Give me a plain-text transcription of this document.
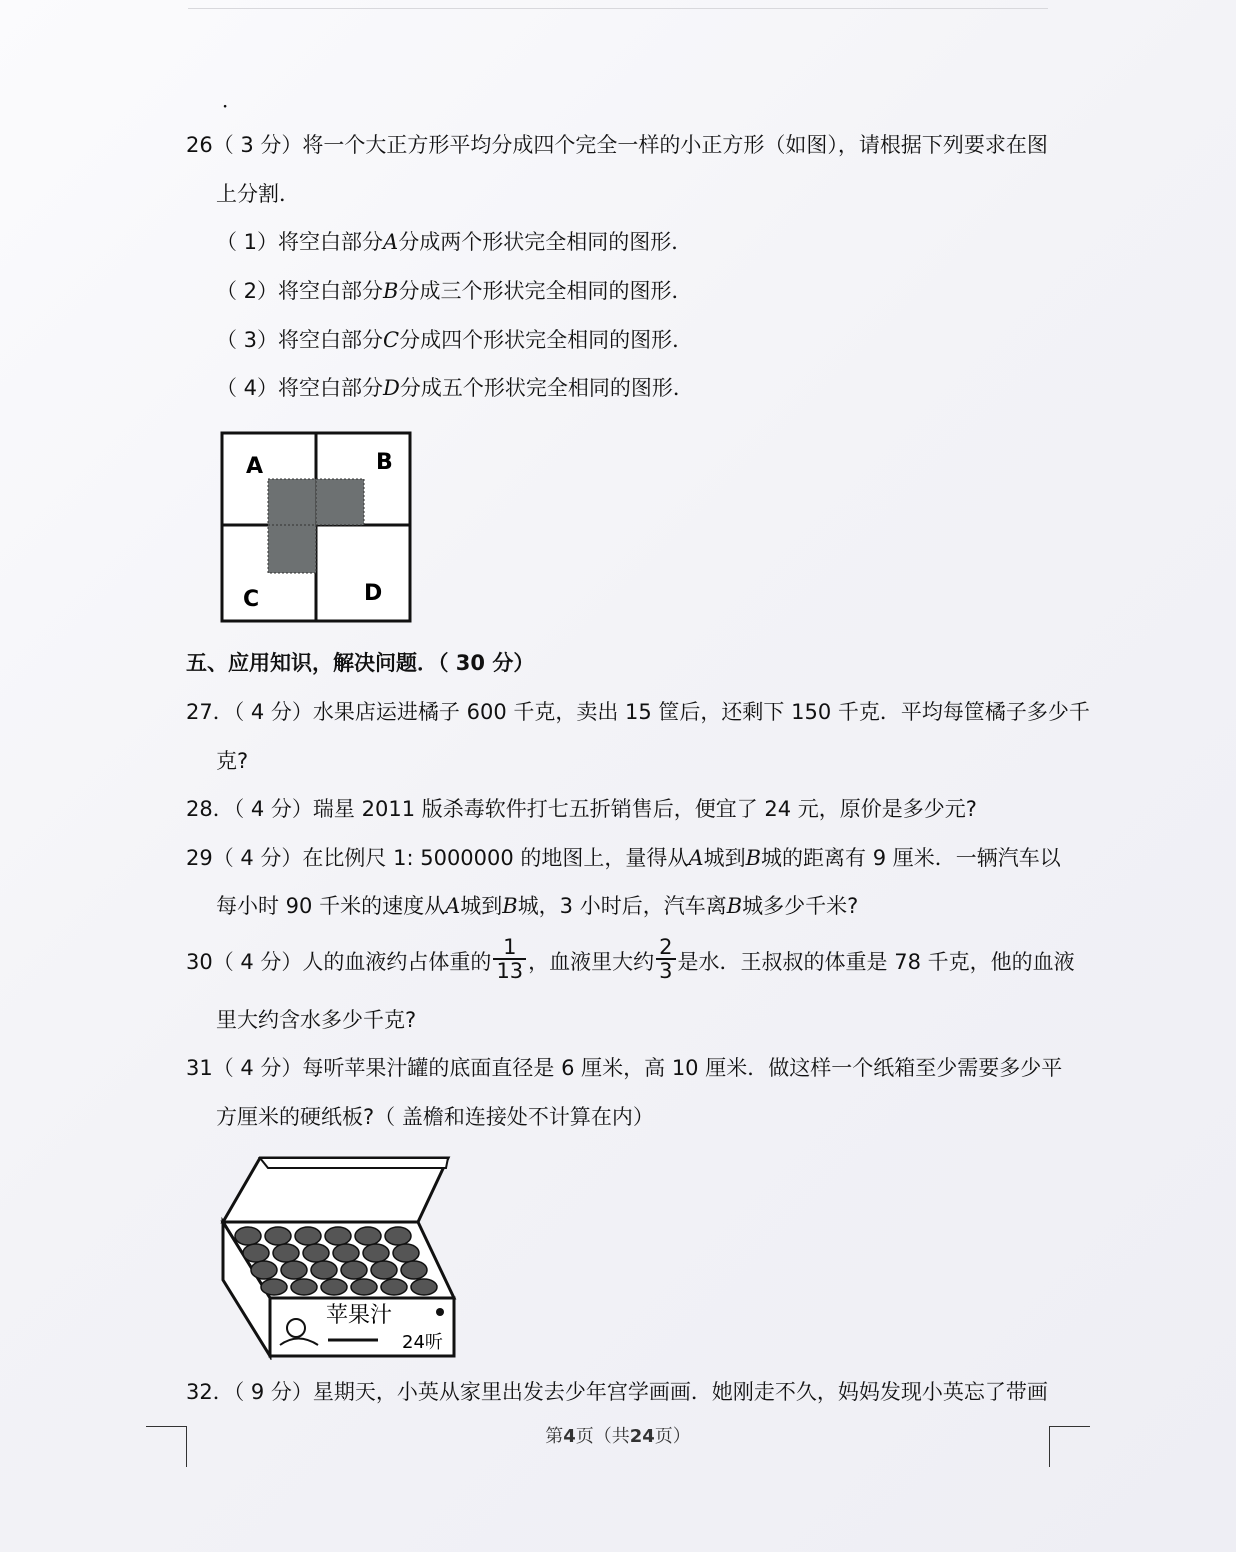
．
26（ 3 分）将一个大正方形平均分成四个完全一样的小正方形（如图），请根据下列要求在图
上分割．
（ 1）将空白部分A分成两个形状完全相同的图形．
（ 2）将空白部分B分成三个形状完全相同的图形．
（ 3）将空白部分C分成四个形状完全相同的图形．
（ 4）将空白部分D分成五个形状完全相同的图形．
A	B
C	D
五、应用知识，解决问题．（ 30 分）
27．（ 4 分）水果店运进橘子 600 千克，卖出 15 筐后，还剩下 150 千克．平均每筐橘子多少千
克?
28．（ 4 分）瑞星 2011 版杀毒软件打七五折销售后，便宜了 24 元，原价是多少元?
29（ 4 分）在比例尺 1: 5000000 的地图上，量得从A城到B城的距离有 9 厘米．一辆汽车以
每小时 90 千米的速度从A城到B城，3 小时后，汽车离B城多少千米?
30（ 4 分）人的血液约占体重的 $\frac{1}{13}$ ，血液里大约 $\frac{2}{3}$ 是水．王叔叔的体重是 78 千克，他的血液
里大约含水多少千克?
31（ 4 分）每听苹果汁罐的底面直径是 6 厘米，高 10 厘米．做这样一个纸箱至少需要多少平
方厘米的硬纸板?（ 盖檐和连接处不计算在内）
苹果汁
24听
32．（ 9 分）星期天，小英从家里出发去少年宫学画画．她刚走不久，妈妈发现小英忘了带画
第4页（共24页）
